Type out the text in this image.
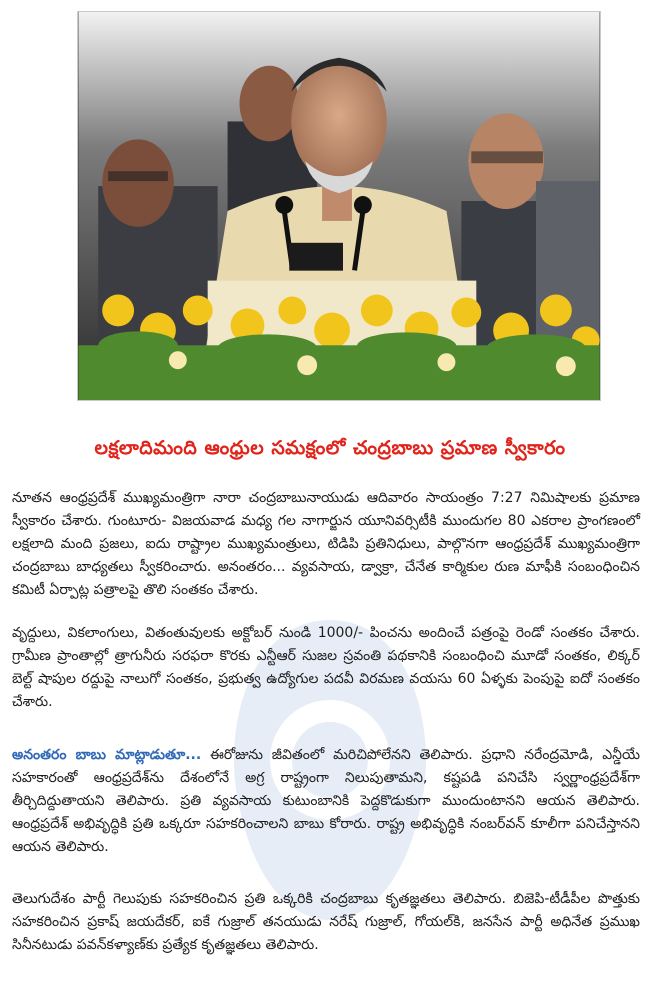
లక్షలాదిమంది ఆంధ్రుల సమక్షంలో చంద్రబాబు ప్రమాణ స్వీకారం

నూతన ఆంధ్రప్రదేశ్ ముఖ్యమంత్రిగా నారా చంద్రబాబునాయుడు ఆదివారం సాయంత్రం 7:27 నిమిషాలకు ప్రమాణ స్వీకారం చేశారు. గుంటూరు- విజయవాడ మధ్య గల నాగార్జున యూనివర్సిటీకి ముందుగల 80 ఎకరాల ప్రాంగణంలో లక్షలాది మంది ప్రజలు, ఐదు రాష్ట్రాల ముఖ్యమంత్రులు, టిడిపి ప్రతినిధులు, పాల్గొనగా ఆంధ్రప్రదేశ్ ముఖ్యమంత్రిగా చంద్రబాబు బాధ్యతలు స్వీకరించారు. అనంతరం... వ్యవసాయ, డ్వాక్రా, చేనేత కార్మికుల రుణ మాఫీకి సంబంధించిన కమిటీ ఏర్పాట్ల పత్రాలపై తొలి సంతకం చేశారు.

వృద్దులు, వికలాంగులు, వితంతువులకు అక్టోబర్ నుండి 1000/- పించను అందించే పత్రంపై రెండో సంతకం చేశారు. గ్రామీణ ప్రాంతాల్లో త్రాగునీరు సరఫరా కొరకు ఎన్టీఆర్ సుజల స్రవంతి పథకానికి సంబంధించి మూడో సంతకం, లిక్కర్ బెల్ట్ షాపుల రద్దుపై నాలుగో సంతకం, ప్రభుత్వ ఉద్యోగుల పదవీ విరమణ వయసు 60 ఏళ్ళకు పెంపుపై ఐదో సంతకం చేశారు.

అనంతరం బాబు మాట్లాడుతూ... ఈరోజును జీవితంలో మరిచిపోలేనని తెలిపారు. ప్రధాని నరేంద్రమోడి, ఎన్డీయే సహకారంతో ఆంధ్రప్రదేశ్‌ను దేశంలోనే అగ్ర రాష్ట్రంగా నిలుపుతామని, కష్టపడి పనిచేసి స్వర్ణాంధ్రప్రదేశ్‌గా తీర్చిదిద్దుతాయని తెలిపారు. ప్రతి వ్యవసాయ కుటుంబానికి పెద్దకొడుకుగా ముందుంటానని ఆయన తెలిపారు. ఆంధ్రప్రదేశ్ అభివృద్ధికి ప్రతి ఒక్కరూ సహకరించాలని బాబు కోరారు. రాష్ట్ర అభివృద్ధికి నంబర్‌వన్ కూలీగా పనిచేస్తానని ఆయన తెలిపారు.

తెలుగుదేశం పార్టీ గెలుపుకు సహకరించిన ప్రతి ఒక్కరికి చంద్రబాబు కృతజ్ఞతలు తెలిపారు. బిజెపి-టీడీపీల పొత్తుకు సహకరించిన ప్రకాష్ జయదేకర్, ఐకే గుజ్రాల్ తనయుడు నరేష్ గుజ్రాల్, గోయల్‌కి, జనసేన పార్టీ అధినేత ప్రముఖ సినీనటుడు పవన్‌కళ్యాణ్‌కు ప్రత్యేక కృతజ్ఞతలు తెలిపారు.
